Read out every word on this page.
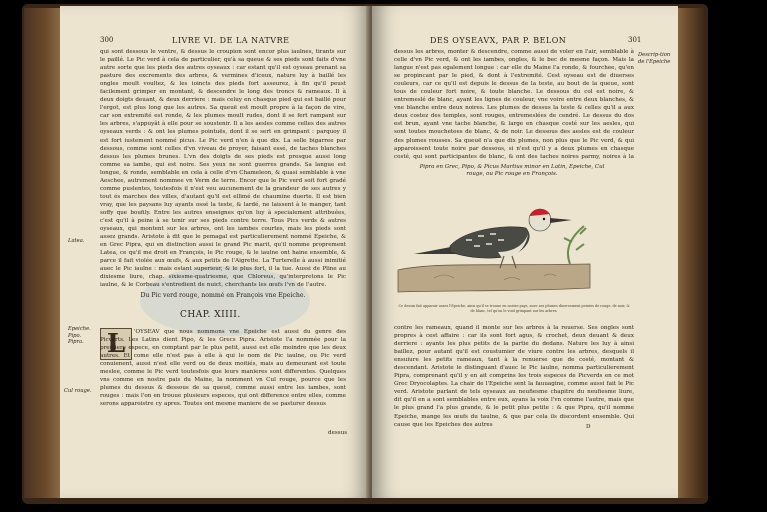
300	LIVRE VI. DE LA NATVRE
qui sont dessous le ventre, & dessus le croupion sont encor plus iaulnes, tirants sur le paillé. Le Pic verd à cela de particulier, qu'à sa queue & ses pieds sont faits d'vne autre sorte que les pieds des autres oyseaux : car estant qu'il est oyseau prenant sa pasture des excrements des arbres, & vermines d'iceux, nature luy à baillé les ongles moult voultez, & les ioincts des pieds fort asseurez, à fin qu'il peust facilement grimper en montant, & descendre le long des troncs & rameaux. Il à deux doigts deuant, & deux derriere : mais celuy en chasque pied qui est baillé pour l'ergot, est plus long que les autres. Sa queuë est moult propre à la façon de vire, car son extremité est ronde, & les plumes moult rudes, dont il se fert rampant sur les arbres, s'appuyât à elle pour se soustenir. Il a les aesles comme celles des autres oyseaux verds : & ont les plumes pointuës, dont il se sert en grimpant : parquoy il est fort iustement nommé picus. Le Pic verd n'en à que dix. La selle bigarree par dessous, comme sont celles d'vn viveau de proyer, faisant essé, de taches blanches dessus les plumes brunes. L'vn des doigts de ses pieds est presque aussi long comme sa iambe, qui est noire. Ses yeux ne sont guerres grands. Sa langue est longue, & ronde, semblable en cela à celle d'vn Chameleon, & quasi semblable à vne Aeschee, autrement nommee vn Verm de terre. Encor que le Pic verd soit fort gradé comme puslentes, toutesfois il n'est veu aucunement de la grandeur de ses autres y tout és marches des villes, d'autant qu'il est ellimé de chaumine duerte. Il est bien vray, que les paysans luy ayants ossé la teste, & lardé, ne laissent à le manger, tant soffy que boufily. Entre les autres enseignes qu'on luy à specialement attribuées, c'est qu'il à peine à se tenir sur ses pieds contre terre. Tous Pics verds & autres oyseaux, qui montent sur les arbres, ont les iambes courtes, mais les pieds sont assez grands. Aristote à dit que le pemagal est particulierement nommé Epeiche, & en Grec Pipra, qui en distinction aussi le grand Pic marit, qu'il nomme proprement Latea, ce qu'il me droit en François, le Pic rouge, & le iaulne ont haine ensemble, & parce il fait violée aux œufs, & aux petits de l'Aigrette. La Turterelle à aussi inimitié auec le Pic iaulne : mais estant superieur, & le plus fort, il la tue. Aussi de Pline au dixiesme liure, chap. sixiesme-quatriesme, que Chloreus, qu'interpretons le Pic iaulne, & le Corbeau s'entredient de nuict, cherchants les œufs l'vn de l'autre.
Latea.
Du Pic verd rouge, nommé en François vne Epeiche.
CHAP. XIIII.
Epeiche. Pipo. Pipra. L	'OYSEAV que nous nommons vne Epeiche est aussi du genre des Picverts. Les Latins dient Pipo, & les Grecs Pipra. Aristote l'a nommée pour la premiere espece, en comptant par le plus petit, aussi est elle moindre que les deux autres. Et come elle n'est pas à elle à qui le nom de Pic iaulne, ou Pic verd conuienent, aussi n'est elle verd ou de deux moitiés, mais au demeurant est toute meslee, comme le Pic verd toutesfois que leurs manieres sont differentes. Quelques vns comme en nostre pais du Maine, la nomment vn Cul rouge, pource que les plumes du dessus & dessous de sa queuë, comme aussi entre les iambes, sont rouges : mais l'on en trouue plusieurs especes, qui ont difference entre elles, comme serons apparoistre cy apres. Toutes ont mesme maniere de se pasturer dessus
Cul rouge.
dessus
DES OYSEAVX, PAR P. BELON	301
dessus les arbres, monter & descendre, comme aussi de voler en l'air, semblable à celle d'vn Pic verd, & ont les iambes, ongles, & le bec de mesme façon. Mais la langue n'est pas egalement longue : car elle du Maine l'a ronde, & fourchee, qu'en se propincant par le pied, & dont à l'extremité. Cest oyseau est de diuerses couleurs, car ce qu'il est depuis le dessus de la teste, au bout de la queue, sont tous de couleur fort noire, & toute blanche. Le dessous du col est noire, & entremeslé de blanc, ayant les lignes de couleur, vne voire entre deux blanches, & vne blanche entre deux noires. Les plumes de dessus la teste & celles qu'il a aux deux costez des temples, sont rouges, entremeslées de cendré. Le dessus du dos est brun, ayant vne tache blanche, & large en chasque costé sur les aesles, qui sont toutes mouchetees de blanc, & de noir. Le dessous des aesles est de couleur des plumes rousses. Sa queuë n'a que dix plumes, non plus que le Pic verd, & qui apparoissent toute noire par dessous, si n'est qu'il y a deux plumes en chasque costé, qui sont participantes de blanc, & ont des taches noires parmy, noires à la
Descrip-tion de l'Epeiche
Pipra en Grec, Pipo, & Picus Martius minor en Latin, Epeiche, Cul rouge, ou Pic rouge en François.
Ce dessin fait apparoir assez l'Epeiche, ainsi qu'il se trouue en nostre pays, auec ses plumes diuersement peintes de rouge, de noir, & de blanc, tel qu'on le void grimpant sur les arbres.
contre les rameaux, quand il monte sur les arbres à la reuerse. Ses ongles sont propres à cest affaire : car ils sont fort agus, & crochet, deux deuant & deux derriere : ayants les plus petits de la partie du dedans. Nature les luy à ainsi baillez, pour autant qu'il est coustumier de viure contre les arbres, desquels il ensuiure les petits rameaux, tant à la renuerse que de costé, montant & descendant. Aristote le distinguant d'auec le Pic iaulne, nomma particulierement Pipra, comprenant qu'il y en ait comprins les trois especes de Picverds en ce mot Grec Dryocolaptes. La chair de l'Epeiche sent la fauuagine, comme aussi fait le Pic verd. Aristote parlant de tels oyseaux au neufiesme chapitre du neufiesme liure, dit qu'il en a sont semblables entre eux, ayans la voix l'vn comme l'autre, mais que le plus grand l'a plus grande, & le petit plus petite : & que Pipra, qu'il nomme Epeiche, mange les œufs du taulne, & que par cela ils discordent ensemble. Qui cause que les Epeiches des autres	D
